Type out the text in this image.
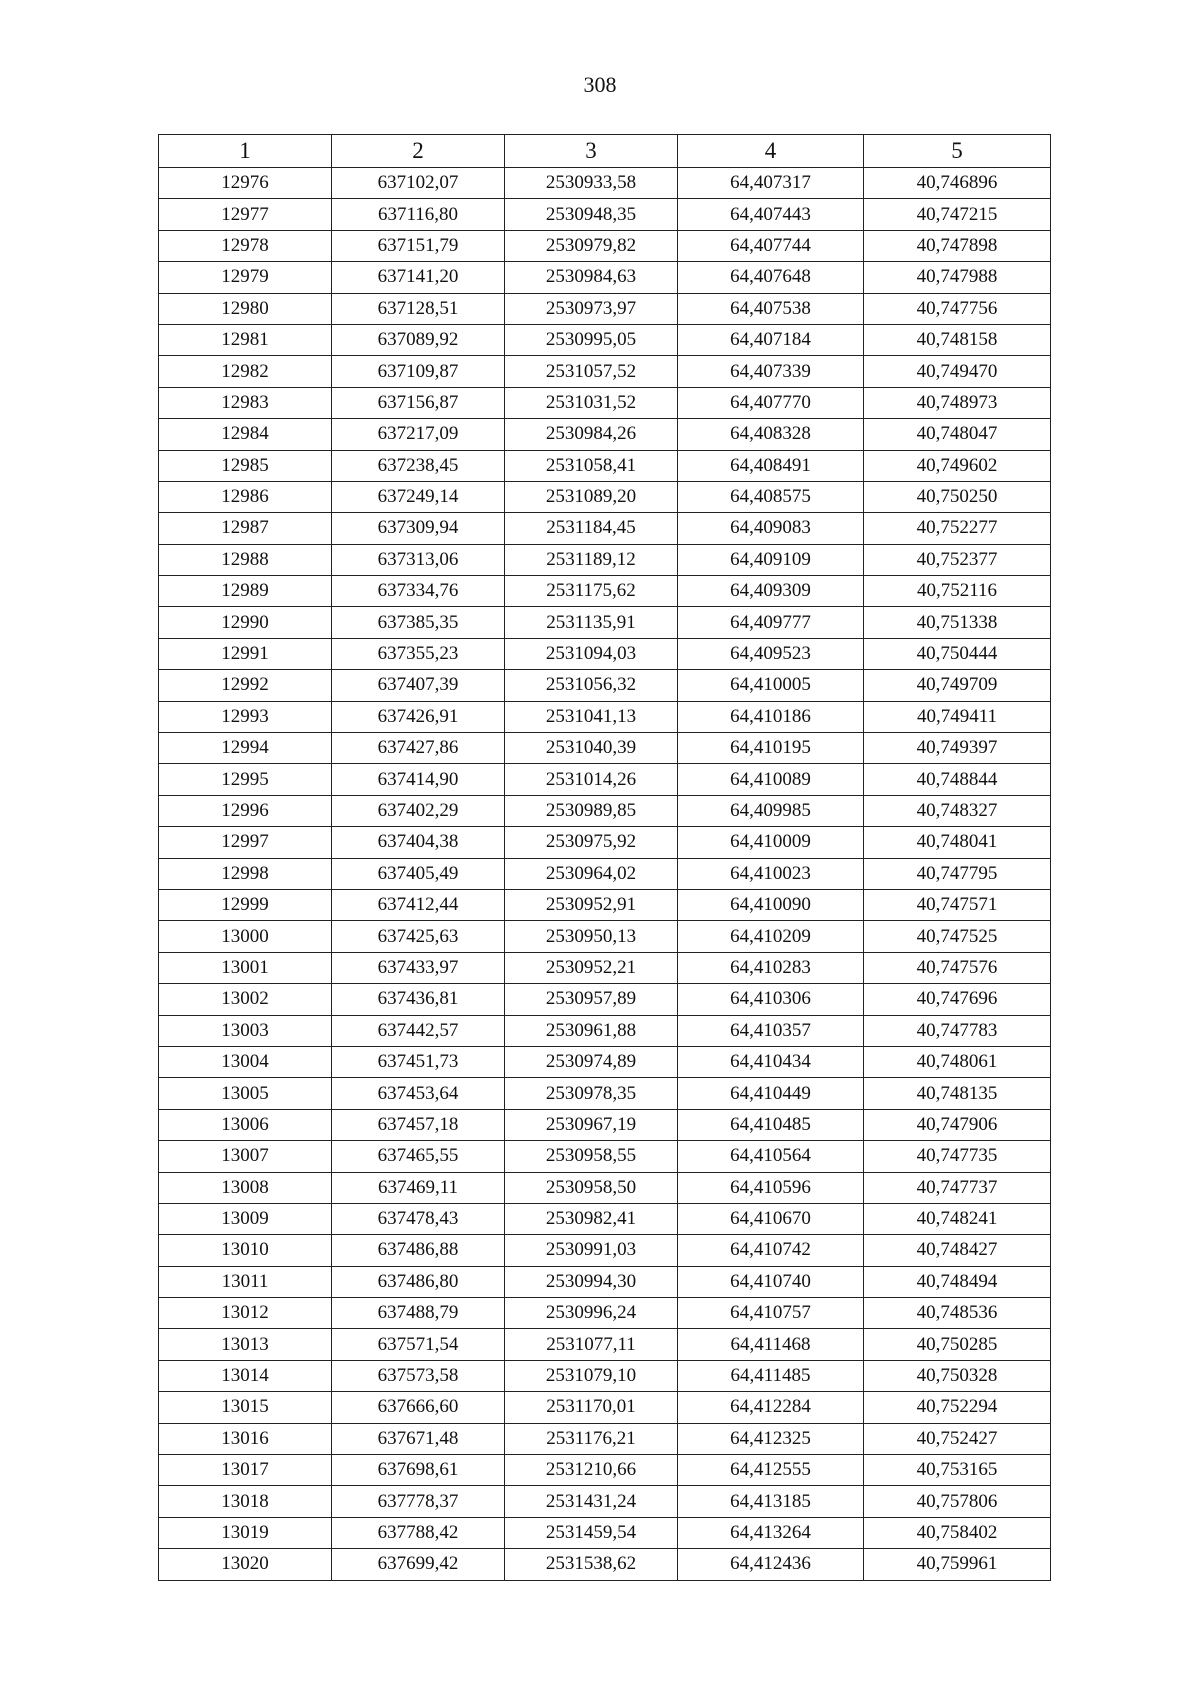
308
1	2	3	4	5
12976	637102,07	2530933,58	64,407317	40,746896
12977	637116,80	2530948,35	64,407443	40,747215
12978	637151,79	2530979,82	64,407744	40,747898
12979	637141,20	2530984,63	64,407648	40,747988
12980	637128,51	2530973,97	64,407538	40,747756
12981	637089,92	2530995,05	64,407184	40,748158
12982	637109,87	2531057,52	64,407339	40,749470
12983	637156,87	2531031,52	64,407770	40,748973
12984	637217,09	2530984,26	64,408328	40,748047
12985	637238,45	2531058,41	64,408491	40,749602
12986	637249,14	2531089,20	64,408575	40,750250
12987	637309,94	2531184,45	64,409083	40,752277
12988	637313,06	2531189,12	64,409109	40,752377
12989	637334,76	2531175,62	64,409309	40,752116
12990	637385,35	2531135,91	64,409777	40,751338
12991	637355,23	2531094,03	64,409523	40,750444
12992	637407,39	2531056,32	64,410005	40,749709
12993	637426,91	2531041,13	64,410186	40,749411
12994	637427,86	2531040,39	64,410195	40,749397
12995	637414,90	2531014,26	64,410089	40,748844
12996	637402,29	2530989,85	64,409985	40,748327
12997	637404,38	2530975,92	64,410009	40,748041
12998	637405,49	2530964,02	64,410023	40,747795
12999	637412,44	2530952,91	64,410090	40,747571
13000	637425,63	2530950,13	64,410209	40,747525
13001	637433,97	2530952,21	64,410283	40,747576
13002	637436,81	2530957,89	64,410306	40,747696
13003	637442,57	2530961,88	64,410357	40,747783
13004	637451,73	2530974,89	64,410434	40,748061
13005	637453,64	2530978,35	64,410449	40,748135
13006	637457,18	2530967,19	64,410485	40,747906
13007	637465,55	2530958,55	64,410564	40,747735
13008	637469,11	2530958,50	64,410596	40,747737
13009	637478,43	2530982,41	64,410670	40,748241
13010	637486,88	2530991,03	64,410742	40,748427
13011	637486,80	2530994,30	64,410740	40,748494
13012	637488,79	2530996,24	64,410757	40,748536
13013	637571,54	2531077,11	64,411468	40,750285
13014	637573,58	2531079,10	64,411485	40,750328
13015	637666,60	2531170,01	64,412284	40,752294
13016	637671,48	2531176,21	64,412325	40,752427
13017	637698,61	2531210,66	64,412555	40,753165
13018	637778,37	2531431,24	64,413185	40,757806
13019	637788,42	2531459,54	64,413264	40,758402
13020	637699,42	2531538,62	64,412436	40,759961
